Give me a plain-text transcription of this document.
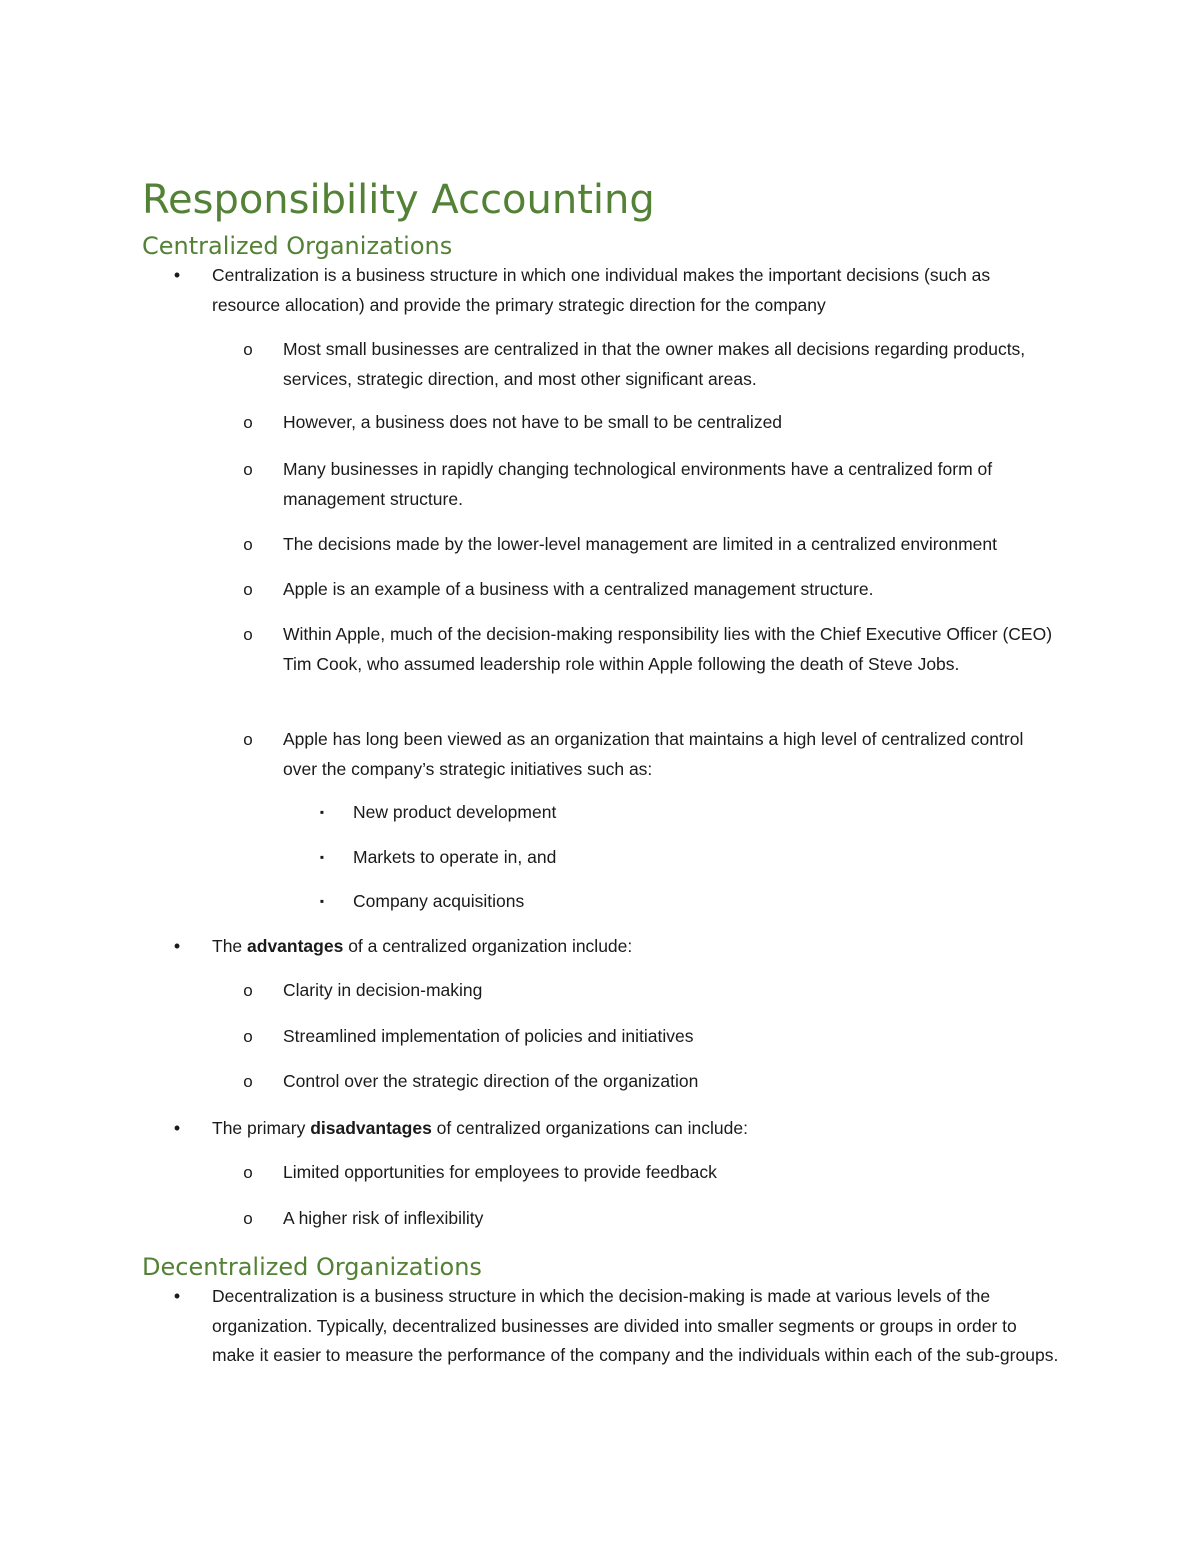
Responsibility Accounting
Centralized Organizations
•	Centralization is a business structure in which one individual makes the important decisions (such as resource allocation) and provide the primary strategic direction for the company
o	Most small businesses are centralized in that the owner makes all decisions regarding products, services, strategic direction, and most other significant areas.
o	However, a business does not have to be small to be centralized
o	Many businesses in rapidly changing technological environments have a centralized form of management structure.
o	The decisions made by the lower-level management are limited in a centralized environment
o	Apple is an example of a business with a centralized management structure.
o	Within Apple, much of the decision-making responsibility lies with the Chief Executive Officer (CEO) Tim Cook, who assumed leadership role within Apple following the death of Steve Jobs.
o	Apple has long been viewed as an organization that maintains a high level of centralized control over the company’s strategic initiatives such as:
▪	New product development
▪	Markets to operate in, and
▪	Company acquisitions
•	The advantages of a centralized organization include:
o	Clarity in decision-making
o	Streamlined implementation of policies and initiatives
o	Control over the strategic direction of the organization
•	The primary disadvantages of centralized organizations can include:
o	Limited opportunities for employees to provide feedback
o	A higher risk of inflexibility
Decentralized Organizations
•	Decentralization is a business structure in which the decision-making is made at various levels of the organization. Typically, decentralized businesses are divided into smaller segments or groups in order to make it easier to measure the performance of the company and the individuals within each of the sub-groups.
